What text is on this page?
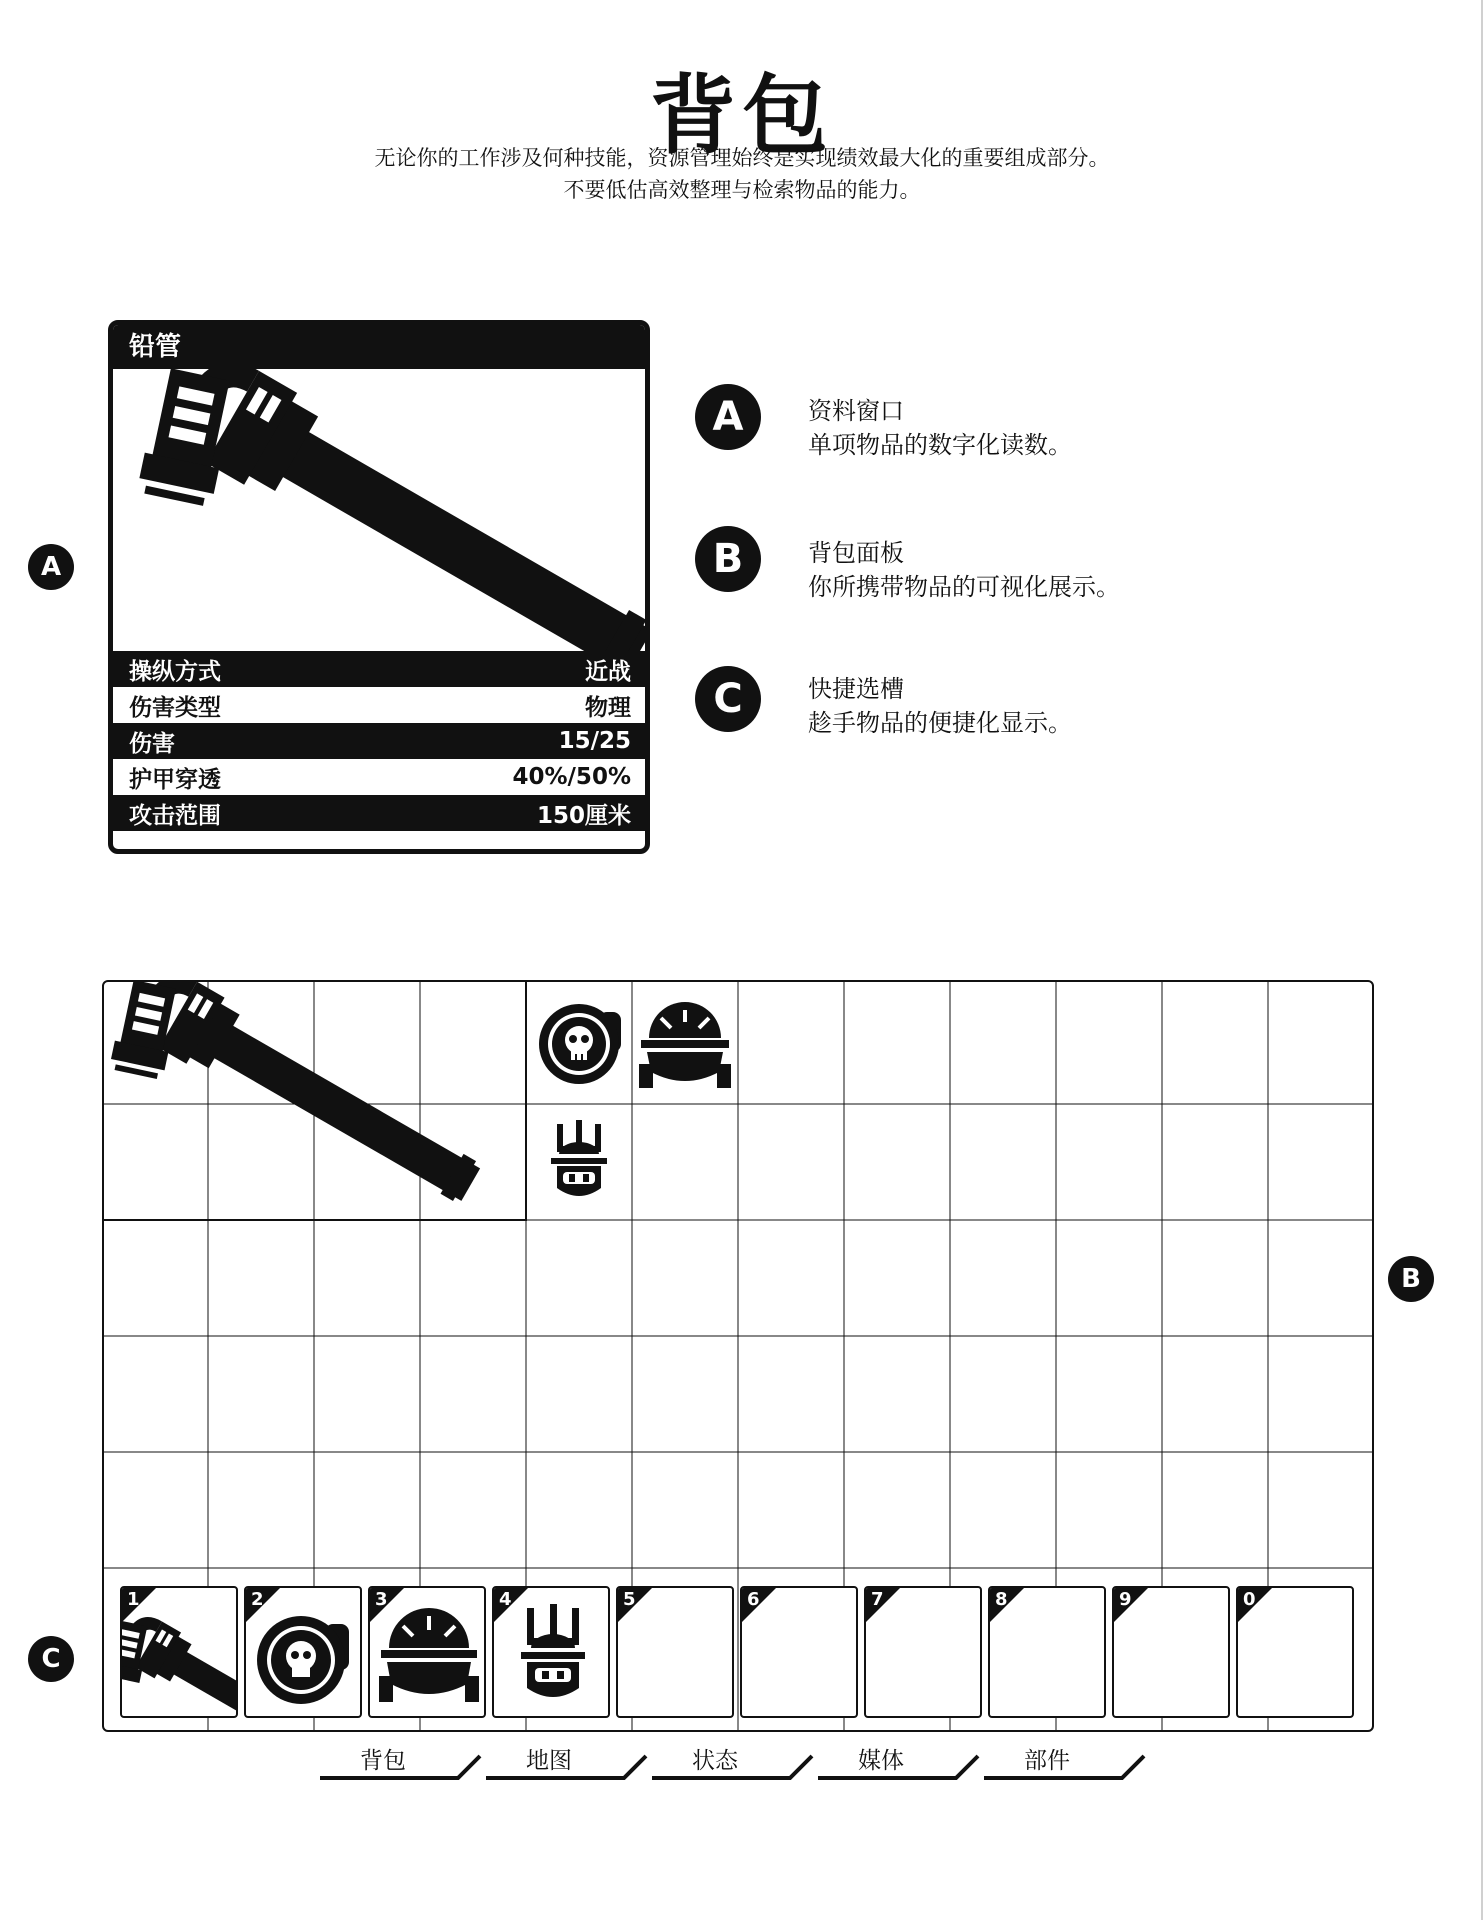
背包
无论你的工作涉及何种技能，资源管理始终是实现绩效最大化的重要组成部分。
不要低估高效整理与检索物品的能力。
A
铅管
操纵方式	近战
伤害类型	物理
伤害	15/25
护甲穿透	40%/50%
攻击范围	150厘米
A	资料窗口
单项物品的数字化读数。
B	背包面板
你所携带物品的可视化展示。
C	快捷选槽
趁手物品的便捷化显示。
B
C
1	2	3	4	5	6	7	8	9	0
背包	地图	状态	媒体	部件
